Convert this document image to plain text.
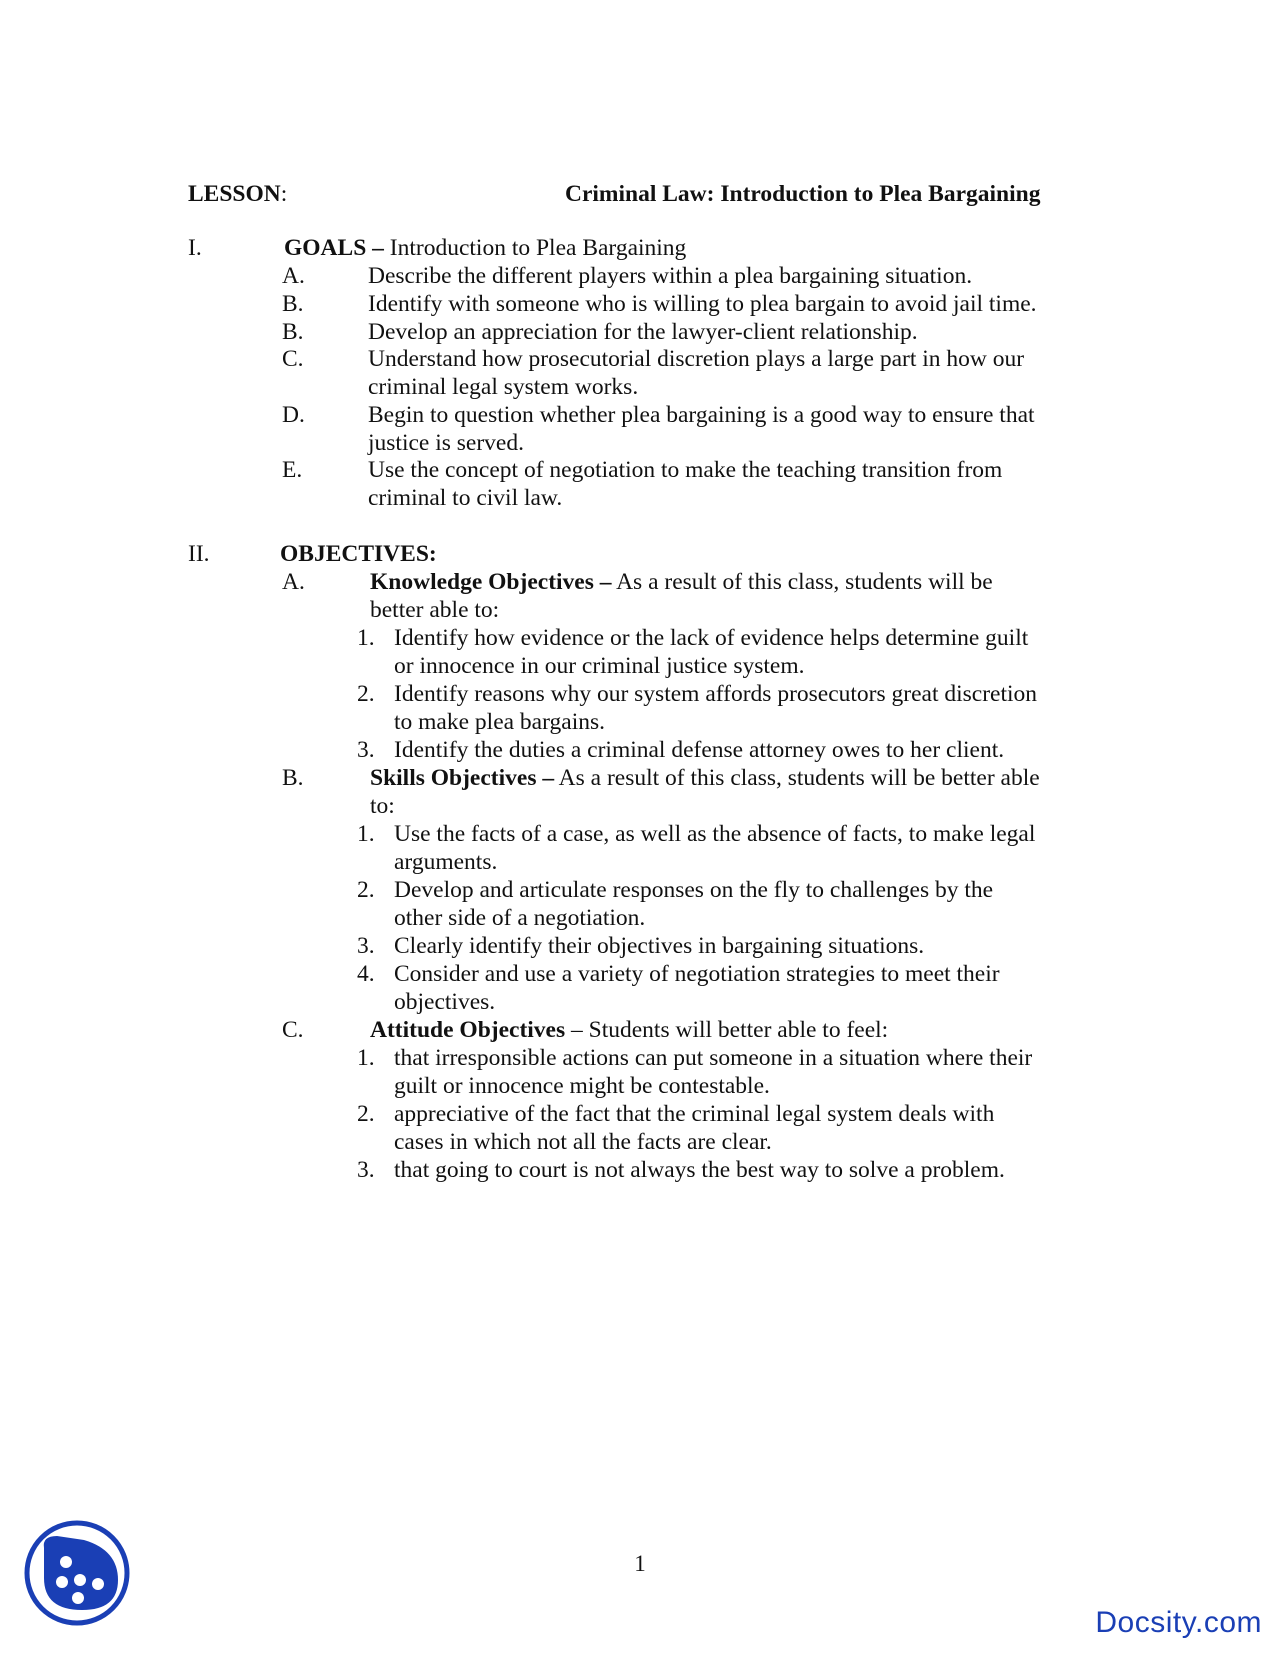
LESSON:	Criminal Law: Introduction to Plea Bargaining
I.	GOALS – Introduction to Plea Bargaining
A.	Describe the different players within a plea bargaining situation.
B.	Identify with someone who is willing to plea bargain to avoid jail time.
B.	Develop an appreciation for the lawyer-client relationship.
C.	Understand how prosecutorial discretion plays a large part in how our
criminal legal system works.
D.	Begin to question whether plea bargaining is a good way to ensure that
justice is served.
E.	Use the concept of negotiation to make the teaching transition from
criminal to civil law.
II.	OBJECTIVES:
A.	Knowledge Objectives – As a result of this class, students will be
better able to:
1. Identify how evidence or the lack of evidence helps determine guilt
or innocence in our criminal justice system.
2. Identify reasons why our system affords prosecutors great discretion
to make plea bargains.
3. Identify the duties a criminal defense attorney owes to her client.
B.	Skills Objectives – As a result of this class, students will be better able
to:
1. Use the facts of a case, as well as the absence of facts, to make legal
arguments.
2. Develop and articulate responses on the fly to challenges by the
other side of a negotiation.
3. Clearly identify their objectives in bargaining situations.
4. Consider and use a variety of negotiation strategies to meet their
objectives.
C.	Attitude Objectives – Students will better able to feel:
1. that irresponsible actions can put someone in a situation where their
guilt or innocence might be contestable.
2. appreciative of the fact that the criminal legal system deals with
cases in which not all the facts are clear.
3. that going to court is not always the best way to solve a problem.
1
Docsity.com
